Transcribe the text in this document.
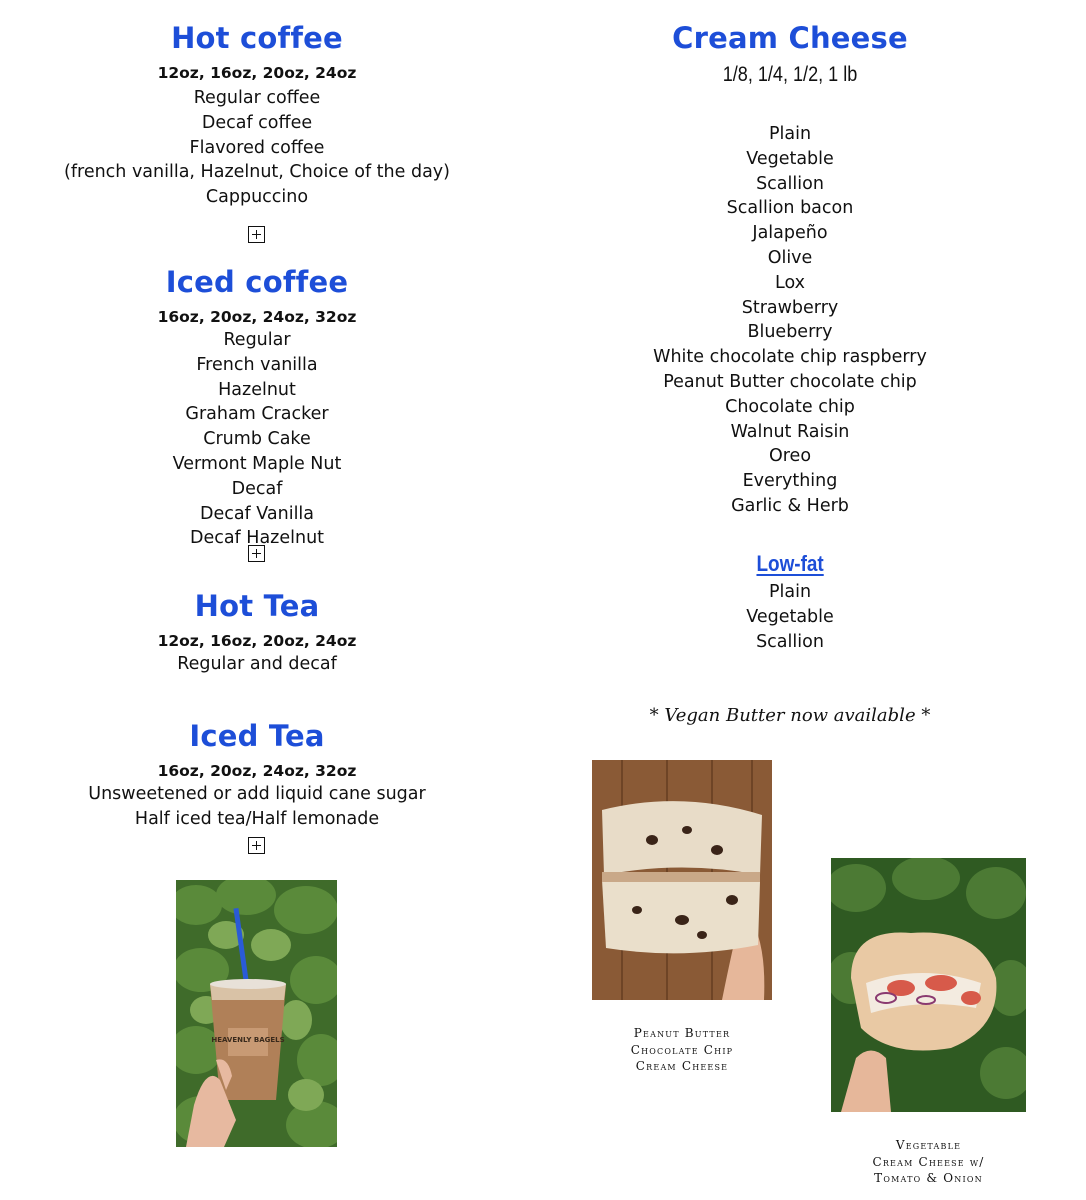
Hot coffee
12oz, 16oz, 20oz, 24oz
Regular coffee
Decaf coffee
Flavored coffee
(french vanilla, Hazelnut, Choice of the day)
Cappuccino
Iced coffee
16oz, 20oz, 24oz, 32oz
Regular
French vanilla
Hazelnut
Graham Cracker
Crumb Cake
Vermont Maple Nut
Decaf
Decaf Vanilla
Decaf Hazelnut
Hot Tea
12oz, 16oz, 20oz, 24oz
Regular and decaf
Iced Tea
16oz, 20oz, 24oz, 32oz
Unsweetened or add liquid cane sugar
Half iced tea/Half lemonade
HEAVENLY BAGELS
Cream Cheese
1/8, 1/4, 1/2, 1 lb
Plain
Vegetable
Scallion
Scallion bacon
Jalapeño
Olive
Lox
Strawberry
Blueberry
White chocolate chip raspberry
Peanut Butter chocolate chip
Chocolate chip
Walnut Raisin
Oreo
Everything
Garlic & Herb
Low-fat
Plain
Vegetable
Scallion
* Vegan Butter now available *
Peanut Butter
Chocolate Chip
Cream Cheese
Vegetable
Cream Cheese w/
Tomato & Onion
